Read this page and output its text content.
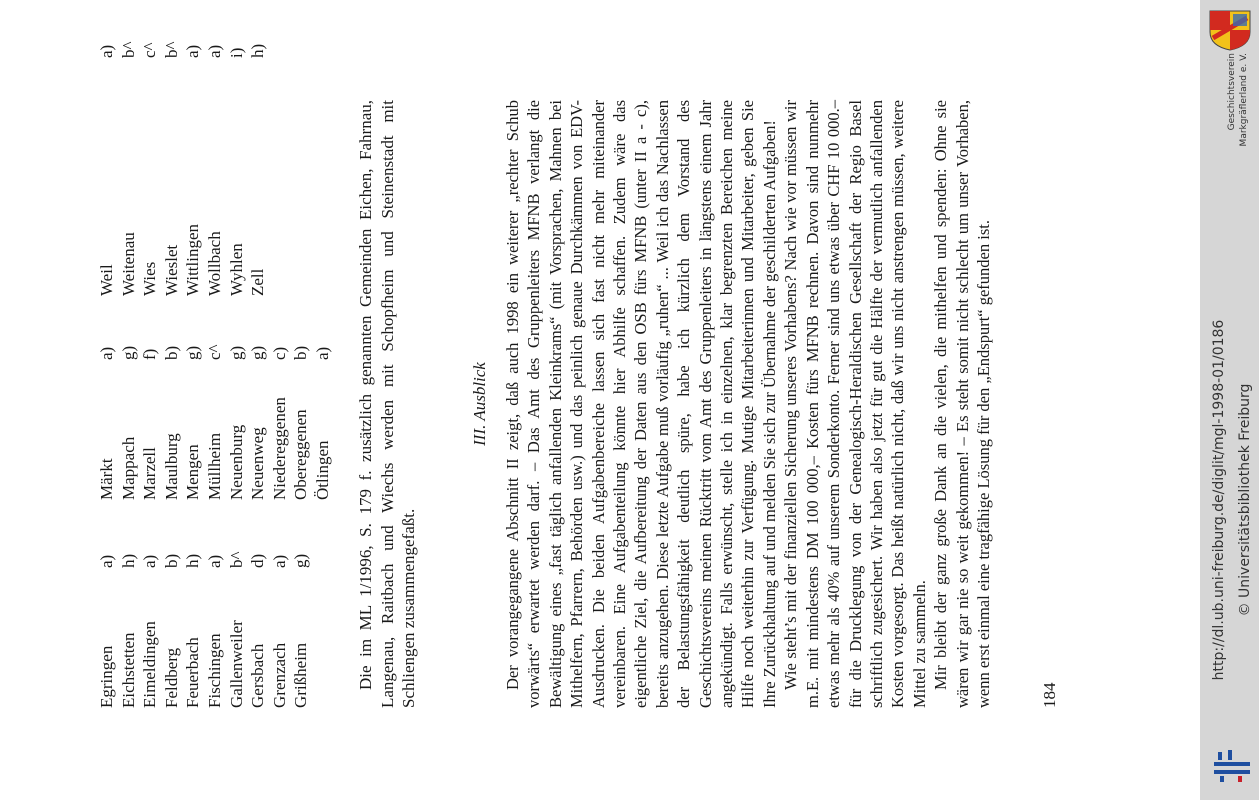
Egringen Eichstetten Eimeldingen Feldberg Feuerbach Fischingen Gallenweiler Gersbach Grenzach Grißheim

a) h) a) b) h) a) b^ d) a) g)

Märkt Mappach Marzell Maulburg Mengen Müllheim Neuenburg Neuenweg Niedereggenen Obereggenen Ötlingen
a) g) f) b) g) c^ g) g) c) b) a)
Weil Weitenau Wies Wieslet Wittlingen Wollbach Wyhlen Zell

a) b^ c^ b^ a) a) i) h)

Die im ML 1/1996, S. 179 f. zusätzlich genannten Gemeinden Eichen, Fahrnau, Langenau, Raitbach und Wiechs werden mit Schopfheim und Steinenstadt mit Schliengen zusammengefaßt.
III. Ausblick Der vorangegangene Abschnitt II zeigt, daß auch 1998 ein weiterer „rechter Schub vorwärts“ erwartet werden darf. – Das Amt des Gruppenleiters MFNB verlangt die Bewältigung eines „fast täglich anfallenden Kleinkrams“ (mit Vorsprachen, Mahnen bei Mithelfern, Pfarrern, Behörden usw.) und das peinlich genaue Durchkämmen von EDV-Ausdrucken. Die beiden Aufgabenbereiche lassen sich fast nicht mehr miteinander vereinbaren. Eine Aufgabenteilung könnte hier Abhilfe schaffen. Zudem wäre das eigentliche Ziel, die Aufbereitung der Daten aus den OSB fürs MFNB (unter II a - c), bereits anzugehen. Diese letzte Aufgabe muß vorläufig „ruhen“ ... Weil ich das Nachlassen der Belastungsfähigkeit deutlich spüre, habe ich kürzlich dem Vorstand des Geschichtsvereins meinen Rücktritt vom Amt des Gruppenleiters in längstens einem Jahr angekündigt. Falls erwünscht, stelle ich in einzelnen, klar begrenzten Bereichen meine Hilfe noch weiterhin zur Verfügung. Mutige Mitarbeiterinnen und Mitarbeiter, geben Sie Ihre Zurückhaltung auf und melden Sie sich zur Übernahme der geschilderten Aufgaben! Wie steht’s mit der finanziellen Sicherung unseres Vorhabens? Nach wie vor müssen wir m.E. mit mindestens DM 100 000,– Kosten fürs MFNB rechnen. Davon sind nunmehr etwas mehr als 40% auf unserem Sonderkonto. Ferner sind uns etwas über CHF 10 000.– für die Drucklegung von der Genealogisch-Heraldischen Gesellschaft der Regio Basel schriftlich zugesichert. Wir haben also jetzt für gut die Hälfte der vermutlich anfallenden Kosten vorgesorgt. Das heißt natürlich nicht, daß wir uns nicht anstrengen müssen, weitere Mittel zu sammeln. Mir bleibt der ganz große Dank an die vielen, die mithelfen und spenden: Ohne sie wären wir gar nie so weit gekommen! – Es steht somit nicht schlecht um unser Vorhaben, wenn erst einmal eine tragfähige Lösung für den „Endspurt“ gefunden ist.	184
Geschichtsverein Markgräflerland e. V.
http://dl.ub.uni-freiburg.de/diglit/mgl-1998-01/0186 © Universitätsbibliothek Freiburg
